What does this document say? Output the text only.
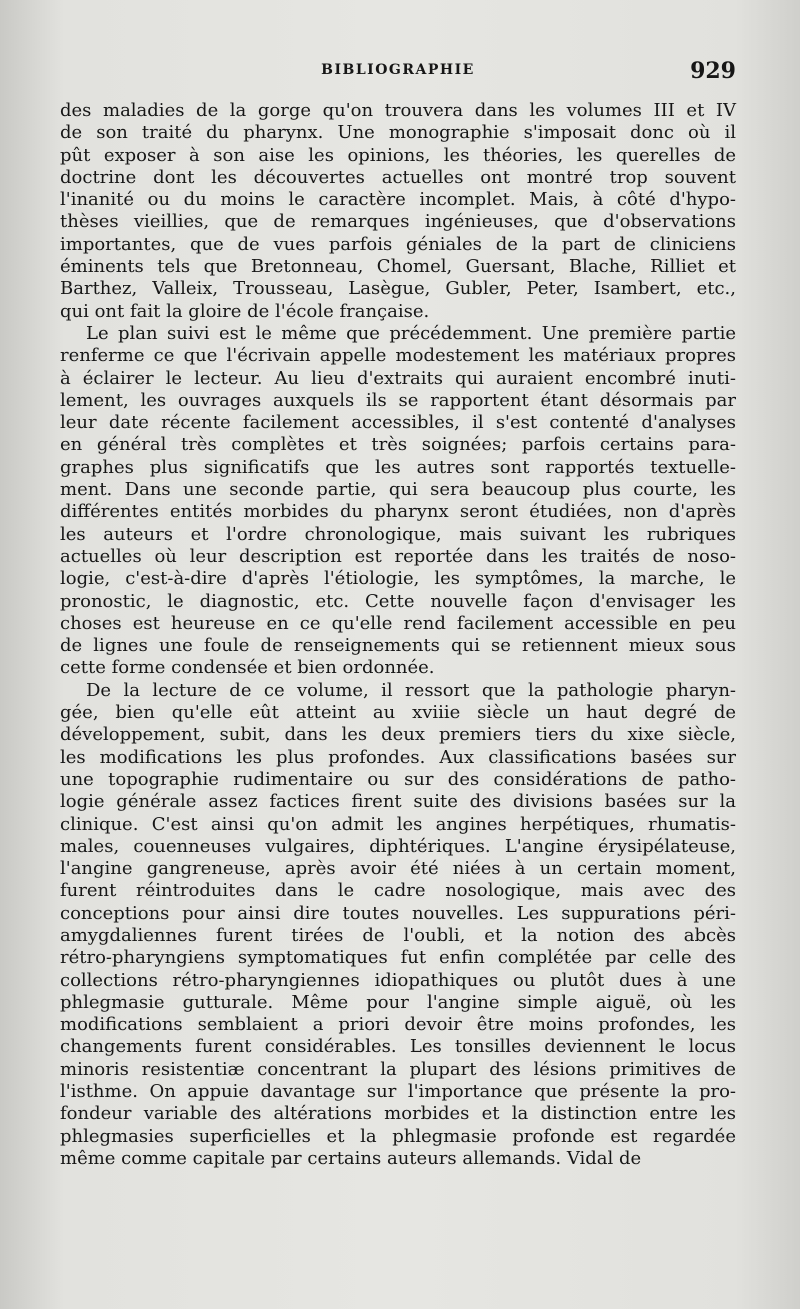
BIBLIOGRAPHIE	929
des maladies de la gorge qu'on trouvera dans les volumes III et IV
de son traité du pharynx. Une monographie s'imposait donc où il
pût exposer à son aise les opinions, les théories, les querelles de
doctrine dont les découvertes actuelles ont montré trop souvent
l'inanité ou du moins le caractère incomplet. Mais, à côté d'hypo-
thèses vieillies, que de remarques ingénieuses, que d'observations
importantes, que de vues parfois géniales de la part de cliniciens
éminents tels que Bretonneau, Chomel, Guersant, Blache, Rilliet et
Barthez, Valleix, Trousseau, Lasègue, Gubler, Peter, Isambert, etc.,
qui ont fait la gloire de l'école française.
Le plan suivi est le même que précédemment. Une première partie
renferme ce que l'écrivain appelle modestement les matériaux propres
à éclairer le lecteur. Au lieu d'extraits qui auraient encombré inuti-
lement, les ouvrages auxquels ils se rapportent étant désormais par
leur date récente facilement accessibles, il s'est contenté d'analyses
en général très complètes et très soignées; parfois certains para-
graphes plus significatifs que les autres sont rapportés textuelle-
ment. Dans une seconde partie, qui sera beaucoup plus courte, les
différentes entités morbides du pharynx seront étudiées, non d'après
les auteurs et l'ordre chronologique, mais suivant les rubriques
actuelles où leur description est reportée dans les traités de noso-
logie, c'est-à-dire d'après l'étiologie, les symptômes, la marche, le
pronostic, le diagnostic, etc. Cette nouvelle façon d'envisager les
choses est heureuse en ce qu'elle rend facilement accessible en peu
de lignes une foule de renseignements qui se retiennent mieux sous
cette forme condensée et bien ordonnée.
De la lecture de ce volume, il ressort que la pathologie pharyn-
gée, bien qu'elle eût atteint au xviiie siècle un haut degré de
développement, subit, dans les deux premiers tiers du xixe siècle,
les modifications les plus profondes. Aux classifications basées sur
une topographie rudimentaire ou sur des considérations de patho-
logie générale assez factices firent suite des divisions basées sur la
clinique. C'est ainsi qu'on admit les angines herpétiques, rhumatis-
males, couenneuses vulgaires, diphtériques. L'angine érysipélateuse,
l'angine gangreneuse, après avoir été niées à un certain moment,
furent réintroduites dans le cadre nosologique, mais avec des
conceptions pour ainsi dire toutes nouvelles. Les suppurations péri-
amygdaliennes furent tirées de l'oubli, et la notion des abcès
rétro-pharyngiens symptomatiques fut enfin complétée par celle des
collections rétro-pharyngiennes idiopathiques ou plutôt dues à une
phlegmasie gutturale. Même pour l'angine simple aiguë, où les
modifications semblaient a priori devoir être moins profondes, les
changements furent considérables. Les tonsilles deviennent le locus
minoris resistentiæ concentrant la plupart des lésions primitives de
l'isthme. On appuie davantage sur l'importance que présente la pro-
fondeur variable des altérations morbides et la distinction entre les
phlegmasies superficielles et la phlegmasie profonde est regardée
même comme capitale par certains auteurs allemands. Vidal de
